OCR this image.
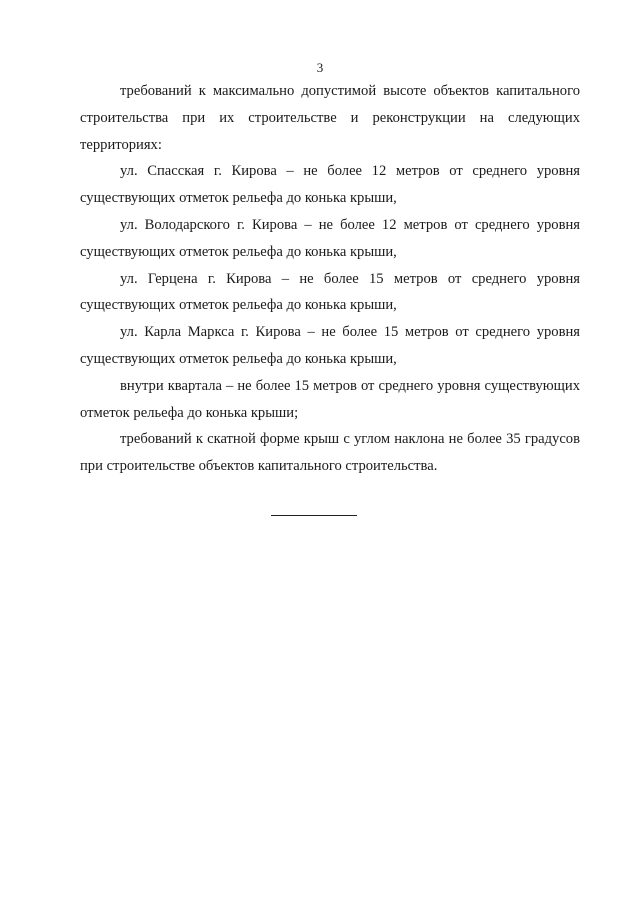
3

требований к максимально допустимой высоте объектов капитального строительства при их строительстве и реконструкции на следующих территориях:

ул. Спасская г. Кирова – не более 12 метров от среднего уровня существующих отметок рельефа до конька крыши,

ул. Володарского г. Кирова – не более 12 метров от среднего уровня существующих отметок рельефа до конька крыши,

ул. Герцена г. Кирова – не более 15 метров от среднего уровня существующих отметок рельефа до конька крыши,

ул. Карла Маркса г. Кирова – не более 15 метров от среднего уровня существующих отметок рельефа до конька крыши,

внутри квартала – не более 15 метров от среднего уровня существующих отметок рельефа до конька крыши;

требований к скатной форме крыш с углом наклона не более 35 градусов при строительстве объектов капитального строительства.
